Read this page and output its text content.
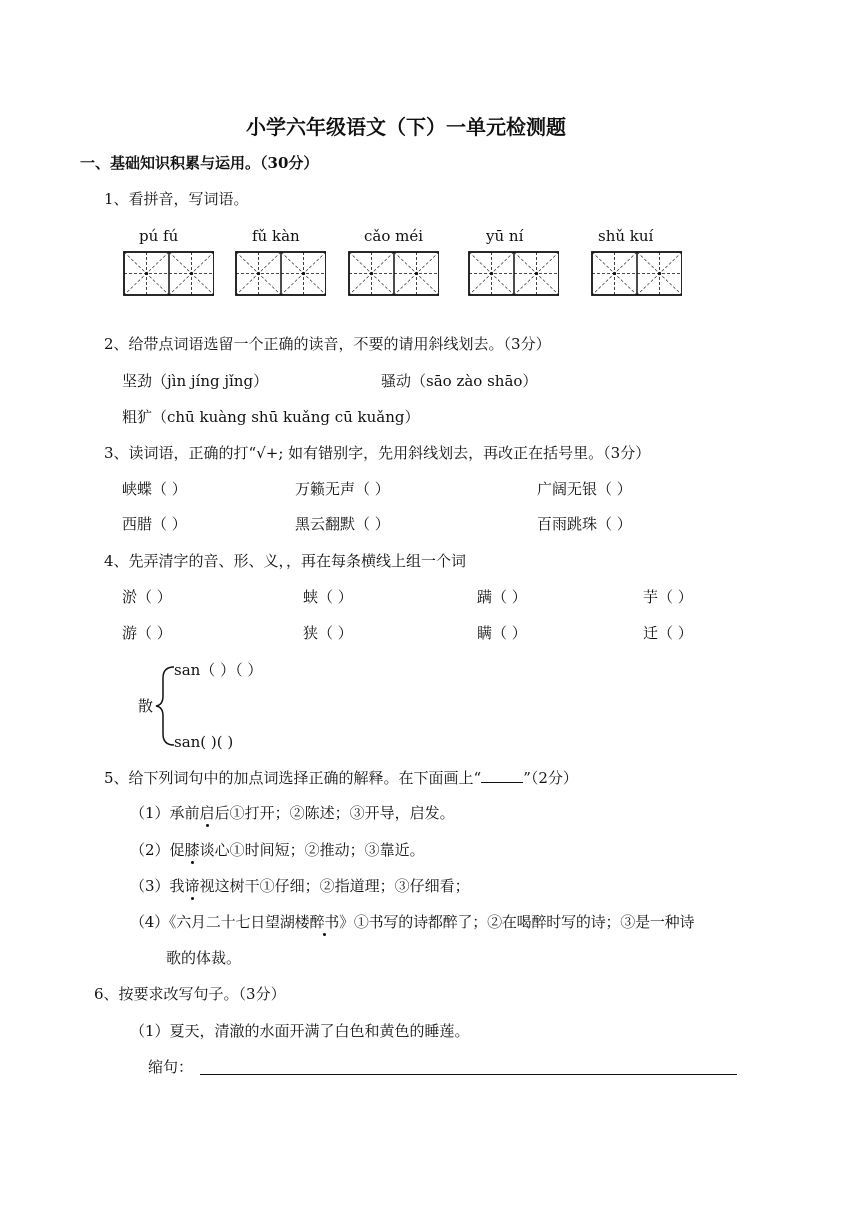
小学六年级语文（下）一单元检测题
一、基础知识积累与运用。（30分）
1、看拼音，写词语。
pú fú	fǔ kàn	cǎo méi	yū ní	shǔ kuí
2、给带点词语选留一个正确的读音，不要的请用斜线划去。（3分）
坚劲（jìn jíng jǐng）	骚动（sāo zào shāo）
粗犷（chū kuàng shū kuǎng cū kuǎng）
3、读词语，正确的打“√+; 如有错别字，先用斜线划去，再改正在括号里。（3分）
峡蝶（ ）	万籁无声（ ）	广阔无银（ ）
西腊（ ）	黑云翻默（ ）	百雨跳珠（ ）
4、先弄清字的音、形、义，，再在每条横线上组一个词
淤（ ）	蛱（ ）	蹒（ ）	芋（ ）
游（ ）	狭（ ）	瞒（ ）	迁（ ）
散
san（ ）（ ）
san( )( )
5、给下列词句中的加点词选择正确的解释。在下面画上“	”（2分）
（1）承前启后①打开；②陈述；③开导，启发。
（2）促膝谈心①时间短；②推动；③靠近。
（3）我谛视这树干①仔细；②指道理；③仔细看；
（4）《六月二十七日望湖楼醉书》①书写的诗都醉了；②在喝醉时写的诗；③是一种诗
歌的体裁。
6、按要求改写句子。（3分）
（1）夏天，清澈的水面开满了白色和黄色的睡莲。
缩句：
